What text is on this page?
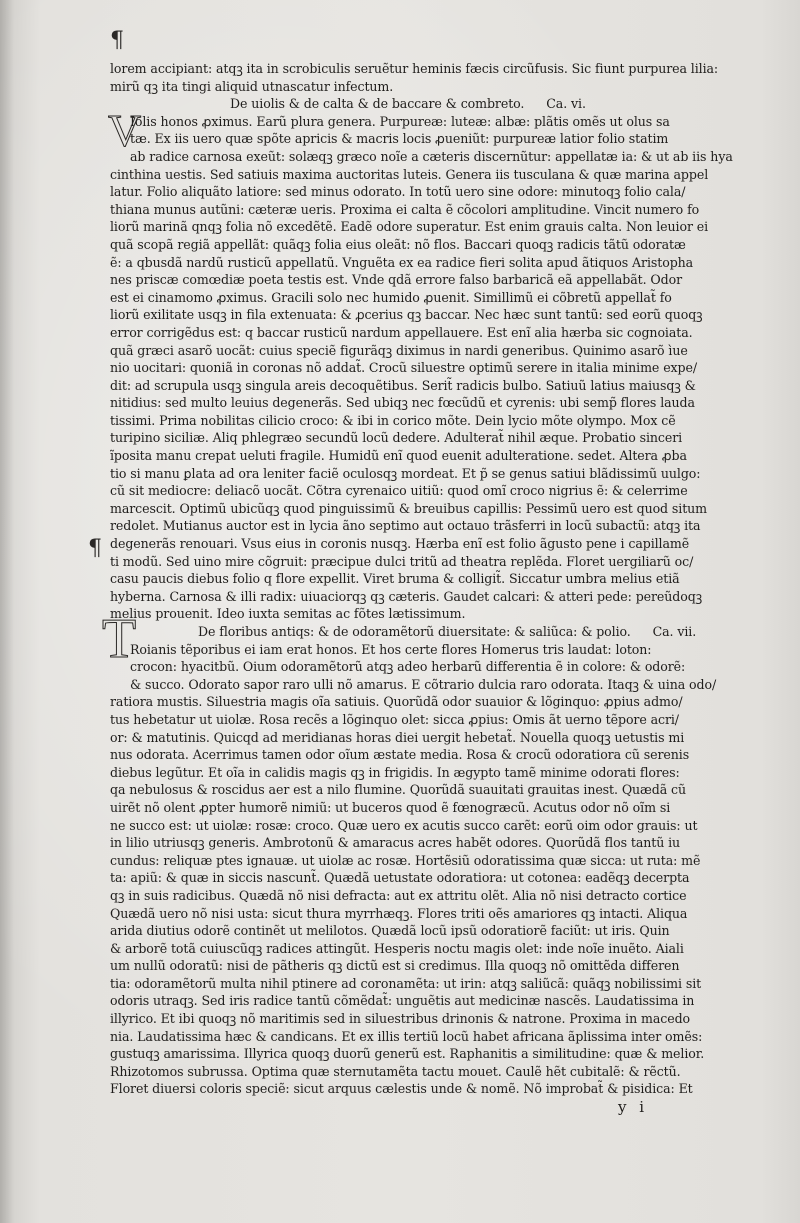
lorem accipiant: atqꝫ ita in scrobiculis seruẽtur heminis fæcis circũfusis. Sic fiunt purpurea lilia:
mirũ qꝫ ita tingi aliquid utnascatur infectum.
De uiolis & de calta & de baccare & combreto. Ca. vi.
Iolis honos ꝓximus. Earũ plura genera. Purpureæ: luteæ: albæ: plãtis omẽs ut olus sa
tæ. Ex iis uero quæ spõte apricis & macris locis ꝓueniũt: purpureæ latior folio statim
ab radice carnosa exeũt: solæqꝫ græco noĩe a cæteris discernũtur: appellatæ ia: & ut ab iis hya
cinthina uestis. Sed satiuis maxima auctoritas luteis. Genera iis tusculana & quæ marina appel
latur. Folio aliquãto latiore: sed minus odorato. In totũ uero sine odore: minutoqꝫ folio cala/
thiana munus autũni: cæteræ ueris. Proxima ei calta ẽ cõcolori amplitudine. Vincit numero fo
liorũ marinã qnqꝫ folia nõ excedẽtẽ. Eadẽ odore superatur. Est enim grauis calta. Non leuior ei
quã scopã regiã appellãt: quãqꝫ folia eius oleãt: nõ flos. Baccari quoqꝫ radicis tãtũ odoratæ
ẽ: a qbusdã nardũ rusticũ appellatũ. Vnguẽta ex ea radice fieri solita apud ãtiquos Aristopha
nes priscæ comœdiæ poeta testis est. Vnde qdã errore falso barbaricã eã appellabãt. Odor
est ei cinamomo ꝓximus. Gracili solo nec humido ꝓuenit. Simillimũ ei cõbretũ appellat̃ fo
liorũ exilitate usqꝫ in fila extenuata: & ꝓcerius qꝫ baccar. Nec hæc sunt tantũ: sed eorũ quoqꝫ
error corrigẽdus est: q baccar rusticũ nardum appellauere. Est enĩ alia hærba sic cognoiata.
quã græci asarõ uocãt: cuius speciẽ figurãqꝫ diximus in nardi generibus. Quinimo asarõ ìue
nio uocitari: quoniã in coronas nõ addat̃. Crocũ siluestre optimũ serere in italia minime expe/
dit: ad scrupula usqꝫ singula areis decoquẽtibus. Serit̃ radicis bulbo. Satiuũ latius maiusqꝫ &
nitidius: sed multo leuius degenerãs. Sed ubiqꝫ nec fœcũdũ et cyrenis: ubi semp̃ flores lauda
tissimi. Prima nobilitas cilicio croco: & ibi in corico mõte. Dein lycio mõte olympo. Mox cẽ
turipino siciliæ. Aliq phlegræo secundũ locũ dedere. Adulterat̃ nihil æque. Probatio sinceri
ĩposita manu crepat ueluti fragile. Humidũ enĩ quod euenit adulteratione. sedet. Altera ꝓba
tio si manu ꝑlata ad ora leniter faciẽ oculosqꝫ mordeat. Et p̃ se genus satiui blãdissimũ uulgo:
cũ sit mediocre: deliacõ uocãt. Cõtra cyrenaico uitiũ: quod omĩ croco nigrius ẽ: & celerrime
marcescit. Optimũ ubicũqꝫ quod pinguissimũ & breuibus capillis: Pessimũ uero est quod situm
redolet. Mutianus auctor est in lycia ãno septimo aut octauo trãsferri in locũ subactũ: atqꝫ ita
degenerãs renouari. Vsus eius in coronis nusqꝫ. Hærba enĩ est folio ãgusto pene i capillamẽ
ti modũ. Sed uino mire cõgruit: præcipue dulci tritũ ad theatra replẽda. Floret uergiliarũ oc/
casu paucis diebus folio q flore expellit. Viret bruma & colligit̃. Siccatur umbra melius etiã
hyberna. Carnosa & illi radix: uiuaciorqꝫ qꝫ cæteris. Gaudet calcari: & atteri pede: pereũdoqꝫ
melius prouenit. Ideo iuxta semitas ac fõtes lætissimum.
De floribus antiqs: & de odoramẽtorũ diuersitate: & saliũca: & polio. Ca. vii.
Roianis tẽporibus ei iam erat honos. Et hos certe flores Homerus tris laudat: loton:
crocon: hyacitbũ. Oium odoramẽtorũ atqꝫ adeo herbarũ differentia ẽ in colore: & odorẽ:
& succo. Odorato sapor raro ulli nõ amarus. E cõtrario dulcia raro odorata. Itaqꝫ & uina odo/
ratiora mustis. Siluestria magis oĩa satiuis. Quorũdã odor suauior & lõginquo: ꝓpius admo/
tus hebetatur ut uiolæ. Rosa recẽs a lõginquo olet: sicca ꝓpius: Omis ãt uerno tẽpore acri/
or: & matutinis. Quicqd ad meridianas horas diei uergit hebetat̃. Nouella quoqꝫ uetustis mi
nus odorata. Acerrimus tamen odor oĩum æstate media. Rosa & crocũ odoratiora cũ serenis
diebus legũtur. Et oĩa in calidis magis qꝫ in frigidis. In ægypto tamẽ minime odorati flores:
qa nebulosus & roscidus aer est a nilo flumine. Quorũdã suauitati grauitas inest. Quædã cũ
uirẽt nõ olent ꝓpter humorẽ nimiũ: ut buceros quod ẽ fœnogræcũ. Acutus odor nõ oĩm si
ne succo est: ut uiolæ: rosæ: croco. Quæ uero ex acutis succo carẽt: eorũ oim odor grauis: ut
in lilio utriusqꝫ generis. Ambrotonũ & amaracus acres habẽt odores. Quorũdã flos tantũ iu
cundus: reliquæ ptes ignauæ. ut uiolæ ac rosæ. Hortẽsiũ odoratissima quæ sicca: ut ruta: mẽ
ta: apiũ: & quæ in siccis nascunt̃. Quædã uetustate odoratiora: ut cotonea: eadẽqꝫ decerpta
qꝫ in suis radicibus. Quædã nõ nisi defracta: aut ex attritu olẽt. Alia nõ nisi detracto cortice
Quædã uero nõ nisi usta: sicut thura myrrhæqꝫ. Flores triti oẽs amariores qꝫ intacti. Aliqua
arida diutius odorẽ continẽt ut melilotos. Quædã locũ ipsũ odoratiorẽ faciũt: ut iris. Quin
& arborẽ totã cuiuscũqꝫ radices attingũt. Hesperis noctu magis olet: inde noĩe inuẽto. Aiali
um nullũ odoratũ: nisi de pãtheris qꝫ dictũ est si credimus. Illa quoqꝫ nõ omittẽda differen
tia: odoramẽtorũ multa nihil ptinere ad coronamẽta: ut irin: atqꝫ saliũcã: quãqꝫ nobilissimi sit
odoris utraqꝫ. Sed iris radice tantũ cõmẽdat̃: unguẽtis aut medicinæ nascẽs. Laudatissima in
illyrico. Et ibi quoqꝫ nõ maritimis sed in siluestribus drinonis & natrone. Proxima in macedo
nia. Laudatissima hæc & candicans. Et ex illis tertiũ locũ habet africana ãplissima inter omẽs:
gustuqꝫ amarissima. Illyrica quoqꝫ duorũ generũ est. Raphanitis a similitudine: quæ & melior.
Rhizotomos subrussa. Optima quæ sternutamẽta tactu mouet. Caulẽ hẽt cubitalẽ: & rẽctũ.
Floret diuersi coloris speciẽ: sicut arquus cælestis unde & nomẽ. Nõ improbat̃ & pisidica: Et
V
T
¶
¶
y i
